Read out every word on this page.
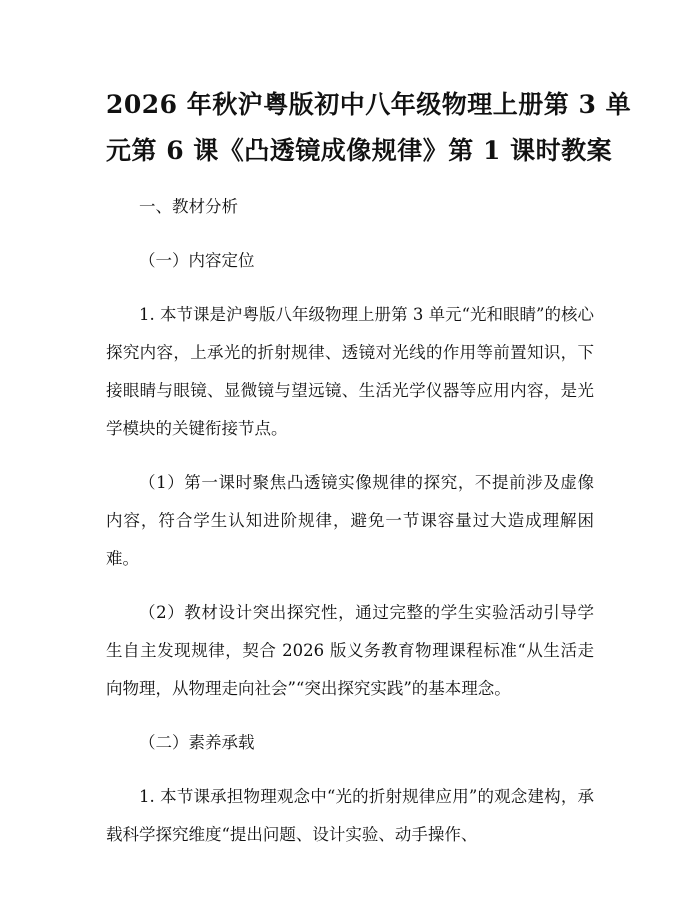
2026 年秋沪粤版初中八年级物理上册第 3 单
元第 6 课《凸透镜成像规律》第 1 课时教案
一、教材分析
（一）内容定位

1. 本节课是沪粤版八年级物理上册第 3 单元“光和眼睛”的核心探究内容，上承光的折射规律、透镜对光线的作用等前置知识，下接眼睛与眼镜、显微镜与望远镜、生活光学仪器等应用内容，是光学模块的关键衔接节点。

（1）第一课时聚焦凸透镜实像规律的探究，不提前涉及虚像内容，符合学生认知进阶规律，避免一节课容量过大造成理解困难。

（2）教材设计突出探究性，通过完整的学生实验活动引导学生自主发现规律，契合 2026 版义务教育物理课程标准“从生活走向物理，从物理走向社会”“突出探究实践”的基本理念。

（二）素养承载

1. 本节课承担物理观念中“光的折射规律应用”的观念建构，承载科学探究维度“提出问题、设计实验、动手操作、
